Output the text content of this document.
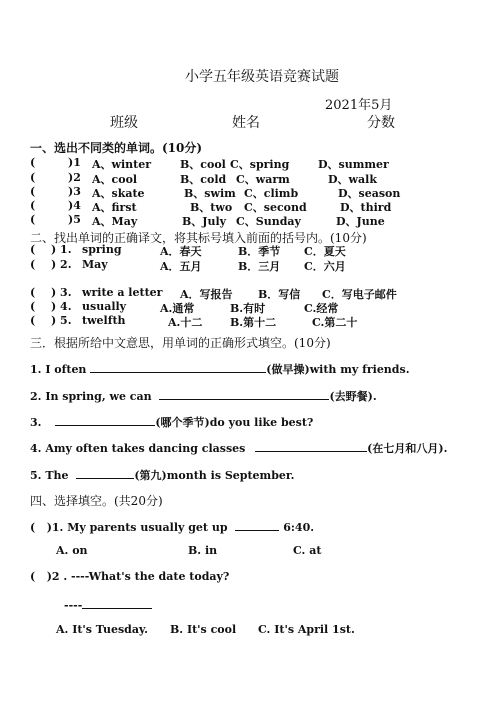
小学五年级英语竞赛试题
2021年5月
班级	姓名	分数
一、选出不同类的单词。(10分)
(	)1 A、winter	B、cool C、spring	D、summer
(	)2 A、cool	B、cold C、warm	D、walk
(	)3 A、skate	B、swim C、climb	D、season
(	)4 A、first	B、two C、second	D、third
(	)5 A、May	B、July C、Sunday	D、June
二、找出单词的正确译文，将其标号填入前面的括号内。(10分)
( ) 1. spring	A．春天	B．季节 C．夏天
( ) 2. May	A．五月	B．三月 C．六月
( ) 3. write a letter A．写报告 B．写信 C．写电子邮件
( ) 4. usually	A.通常	B.有时	C.经常
( ) 5. twelfth	A.十二	B.第十二	C.第二十
三．根据所给中文意思，用单词的正确形式填空。(10分)
1. I often	(做早操)with my friends.
2. In spring, we can	(去野餐).
3.	(哪个季节)do you like best?
4. Amy often takes dancing classes	(在七月和八月).
5. The	(第九)month is September.
四、选择填空。(共20分)
(   )1. My parents usually get up	6:40.
A. on	B. in	C. at
(   )2 . ----What's the date today?
----
A. It's Tuesday. B. It's cool C. It's April 1st.
